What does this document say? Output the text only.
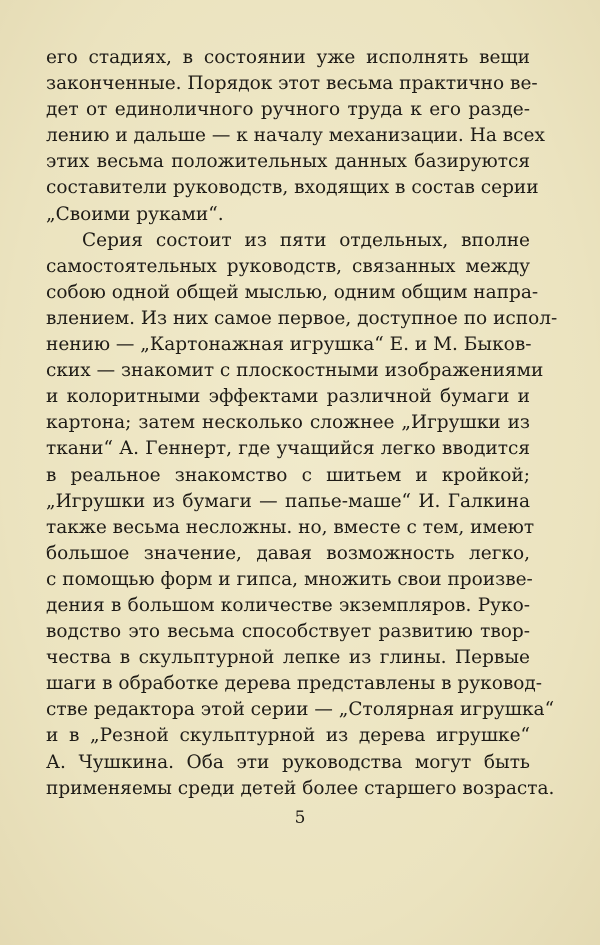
его стадиях, в состоянии уже исполнять вещи
законченные. Порядок этот весьма практично ве-
дет от единоличного ручного труда к его разде-
лению и дальше — к началу механизации. На всех
этих весьма положительных данных базируются
составители руководств, входящих в состав серии
„Своими руками“.
Серия состоит из пяти отдельных, вполне
самостоятельных руководств, связанных между
собою одной общей мыслью, одним общим напра-
влением. Из них самое первое, доступное по испол-
нению — „Картонажная игрушка“ Е. и М. Быков-
ских — знакомит с плоскостными изображениями
и колоритными эффектами различной бумаги и
картона; затем несколько сложнее „Игрушки из
ткани“ А. Геннерт, где учащийся легко вводится
в реальное знакомство с шитьем и кройкой;
„Игрушки из бумаги — папье-маше“ И. Галкина
также весьма несложны. но, вместе с тем, имеют
большое значение, давая возможность легко,
с помощью форм и гипса, множить свои произве-
дения в большом количестве экземпляров. Руко-
водство это весьма способствует развитию твор-
чества в скульптурной лепке из глины. Первые
шаги в обработке дерева представлены в руковод-
стве редактора этой серии — „Столярная игрушка“
и в „Резной скульптурной из дерева игрушке“
А. Чушкина. Оба эти руководства могут быть
применяемы среди детей более старшего возраста.
5
